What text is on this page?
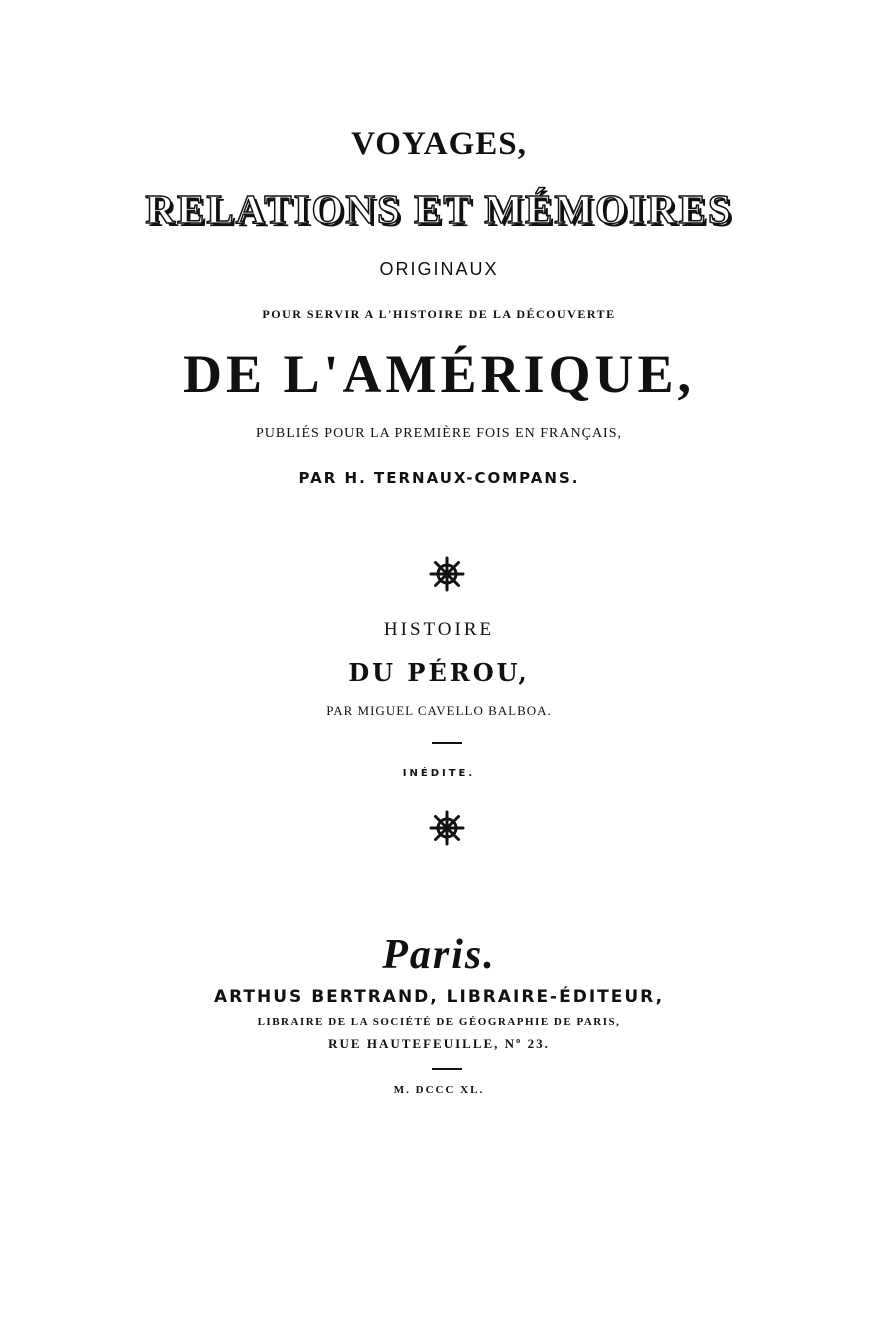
VOYAGES,
RELATIONS ET MÉMOIRES
ORIGINAUX
POUR SERVIR A L'HISTOIRE DE LA DÉCOUVERTE
DE L'AMÉRIQUE,
PUBLIÉS POUR LA PREMIÈRE FOIS EN FRANÇAIS,
PAR H. TERNAUX-COMPANS.
HISTOIRE
DU PÉROU,
PAR MIGUEL CAVELLO BALBOA.
INÉDITE.
Paris.
ARTHUS BERTRAND, LIBRAIRE-ÉDITEUR,
LIBRAIRE DE LA SOCIÉTÉ DE GÉOGRAPHIE DE PARIS,
RUE HAUTEFEUILLE, Nº 23.
M. DCCC XL.
